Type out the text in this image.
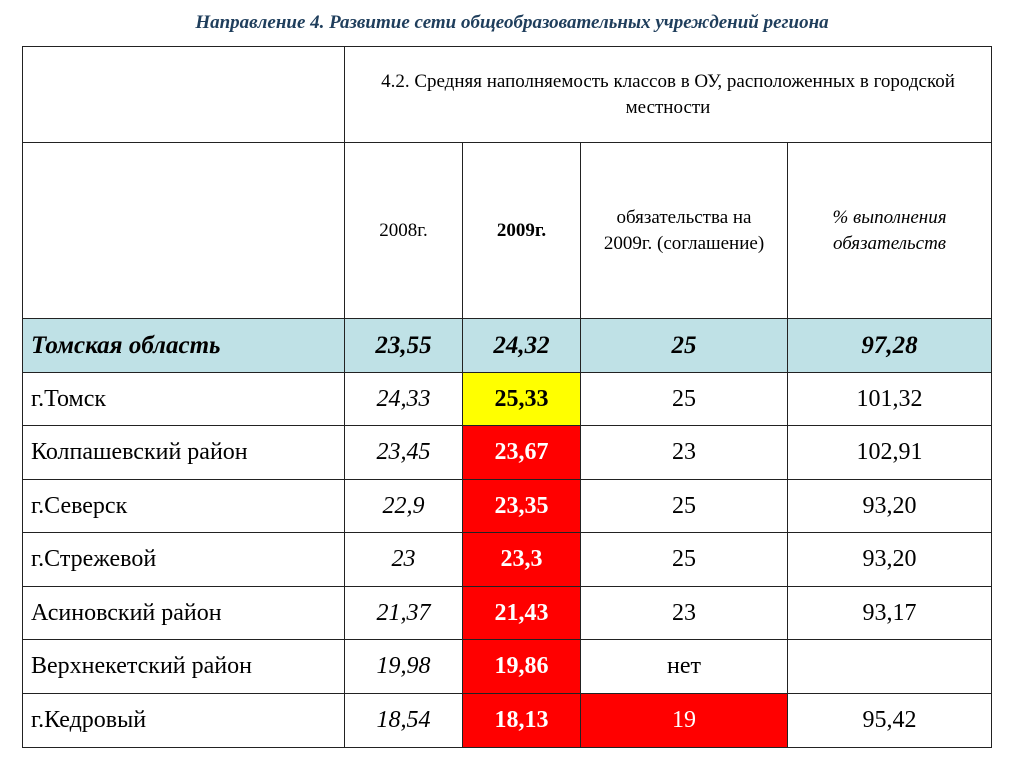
Направление 4. Развитие сети общеобразовательных учреждений региона
	4.2. Средняя наполняемость классов в ОУ, расположенных в городской местности			
	2008г.	2009г.	обязательства на 2009г. (соглашение)	% выполнения обязательств
Томская область	23,55	24,32	25	97,28
г.Томск	24,33	25,33	25	101,32
Колпашевский район	23,45	23,67	23	102,91
г.Северск	22,9	23,35	25	93,20
г.Стрежевой	23	23,3	25	93,20
Асиновский район	21,37	21,43	23	93,17
Верхнекетский район	19,98	19,86	нет	
г.Кедровый	18,54	18,13	19	95,42
